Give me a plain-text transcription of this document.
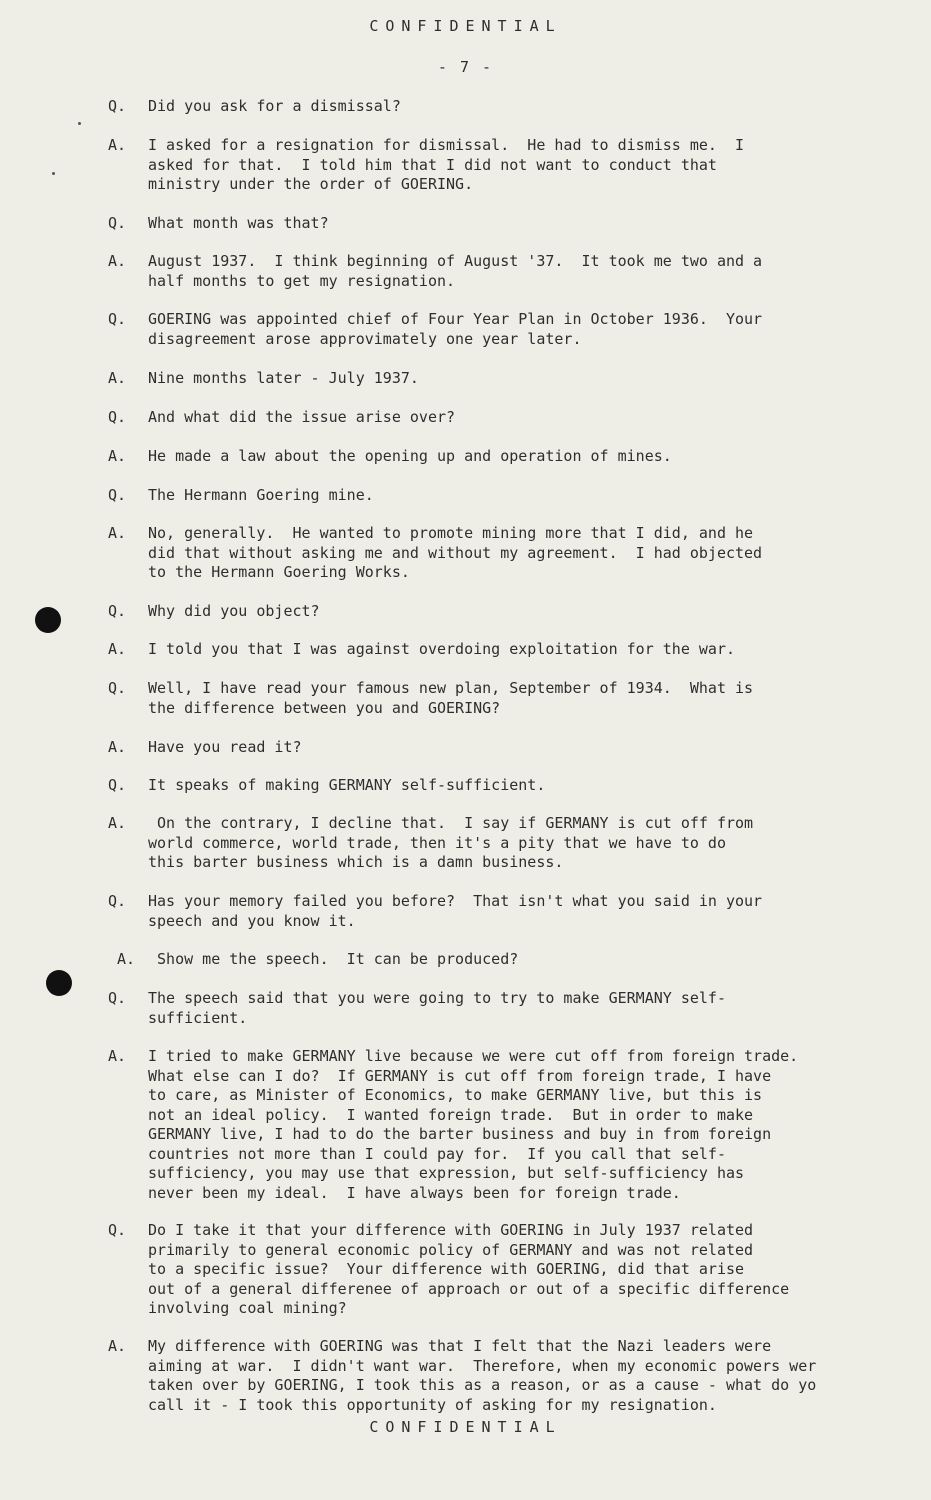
CONFIDENTIAL
- 7 -
Q. Did you ask for a dismissal?
A. I asked for a resignation for dismissal.  He had to dismiss me.  I
asked for that.  I told him that I did not want to conduct that
ministry under the order of GOERING.
Q. What month was that?
A. August 1937.  I think beginning of August '37.  It took me two and a
half months to get my resignation.
Q. GOERING was appointed chief of Four Year Plan in October 1936.  Your
disagreement arose approvimately one year later.
A. Nine months later - July 1937.
Q. And what did the issue arise over?
A. He made a law about the opening up and operation of mines.
Q. The Hermann Goering mine.
A. No, generally.  He wanted to promote mining more that I did, and he
did that without asking me and without my agreement.  I had objected
to the Hermann Goering Works.
Q. Why did you object?
A. I told you that I was against overdoing exploitation for the war.
Q. Well, I have read your famous new plan, September of 1934.  What is
the difference between you and GOERING?
A. Have you read it?
Q. It speaks of making GERMANY self-sufficient.
A. On the contrary, I decline that.  I say if GERMANY is cut off from
world commerce, world trade, then it's a pity that we have to do
this barter business which is a damn business.
Q. Has your memory failed you before?  That isn't what you said in your
speech and you know it.
A. Show me the speech.  It can be produced?
Q. The speech said that you were going to try to make GERMANY self-
sufficient.
A. I tried to make GERMANY live because we were cut off from foreign trade.
What else can I do?  If GERMANY is cut off from foreign trade, I have
to care, as Minister of Economics, to make GERMANY live, but this is
not an ideal policy.  I wanted foreign trade.  But in order to make
GERMANY live, I had to do the barter business and buy in from foreign
countries not more than I could pay for.  If you call that self-
sufficiency, you may use that expression, but self-sufficiency has
never been my ideal.  I have always been for foreign trade.
Q. Do I take it that your difference with GOERING in July 1937 related
primarily to general economic policy of GERMANY and was not related
to a specific issue?  Your difference with GOERING, did that arise
out of a general differenee of approach or out of a specific difference
involving coal mining?
A. My difference with GOERING was that I felt that the Nazi leaders were
aiming at war.  I didn't want war.  Therefore, when my economic powers wer
taken over by GOERING, I took this as a reason, or as a cause - what do yo
call it - I took this opportunity of asking for my resignation.
CONFIDENTIAL
